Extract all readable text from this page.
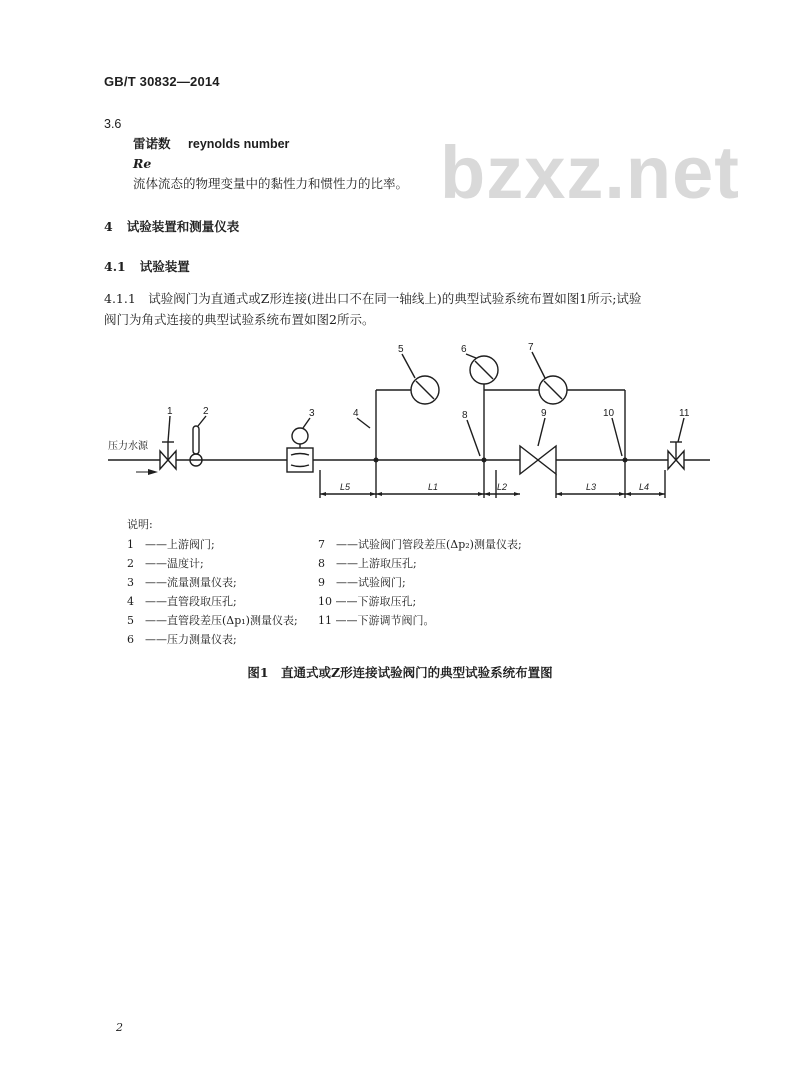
bzxz.net
GB/T 30832—2014
3.6
雷诺数 reynolds number
Re
流体流态的物理变量中的黏性力和惯性力的比率。
4 试验装置和测量仪表
4.1 试验装置
4.1.1　试验阀门为直通式或Z形连接(进出口不在同一轴线上)的典型试验系统布置如图1所示;试验
阀门为角式连接的典型试验系统布置如图2所示。
压力水源
1	2	3	4
5	6	7
8	9	10	11
L5	L1	L2	L3	L4
说明:
1　——上游阀门;
2　——温度计;
3　——流量测量仪表;
4　——直管段取压孔;
5　——直管段差压(Δp₁)测量仪表;
6　——压力测量仪表;
7　——试验阀门管段差压(Δp₂)测量仪表;
8　——上游取压孔;
9　——试验阀门;
10 ——下游取压孔;
11 ——下游调节阀门。
图1　直通式或Z形连接试验阀门的典型试验系统布置图
2
